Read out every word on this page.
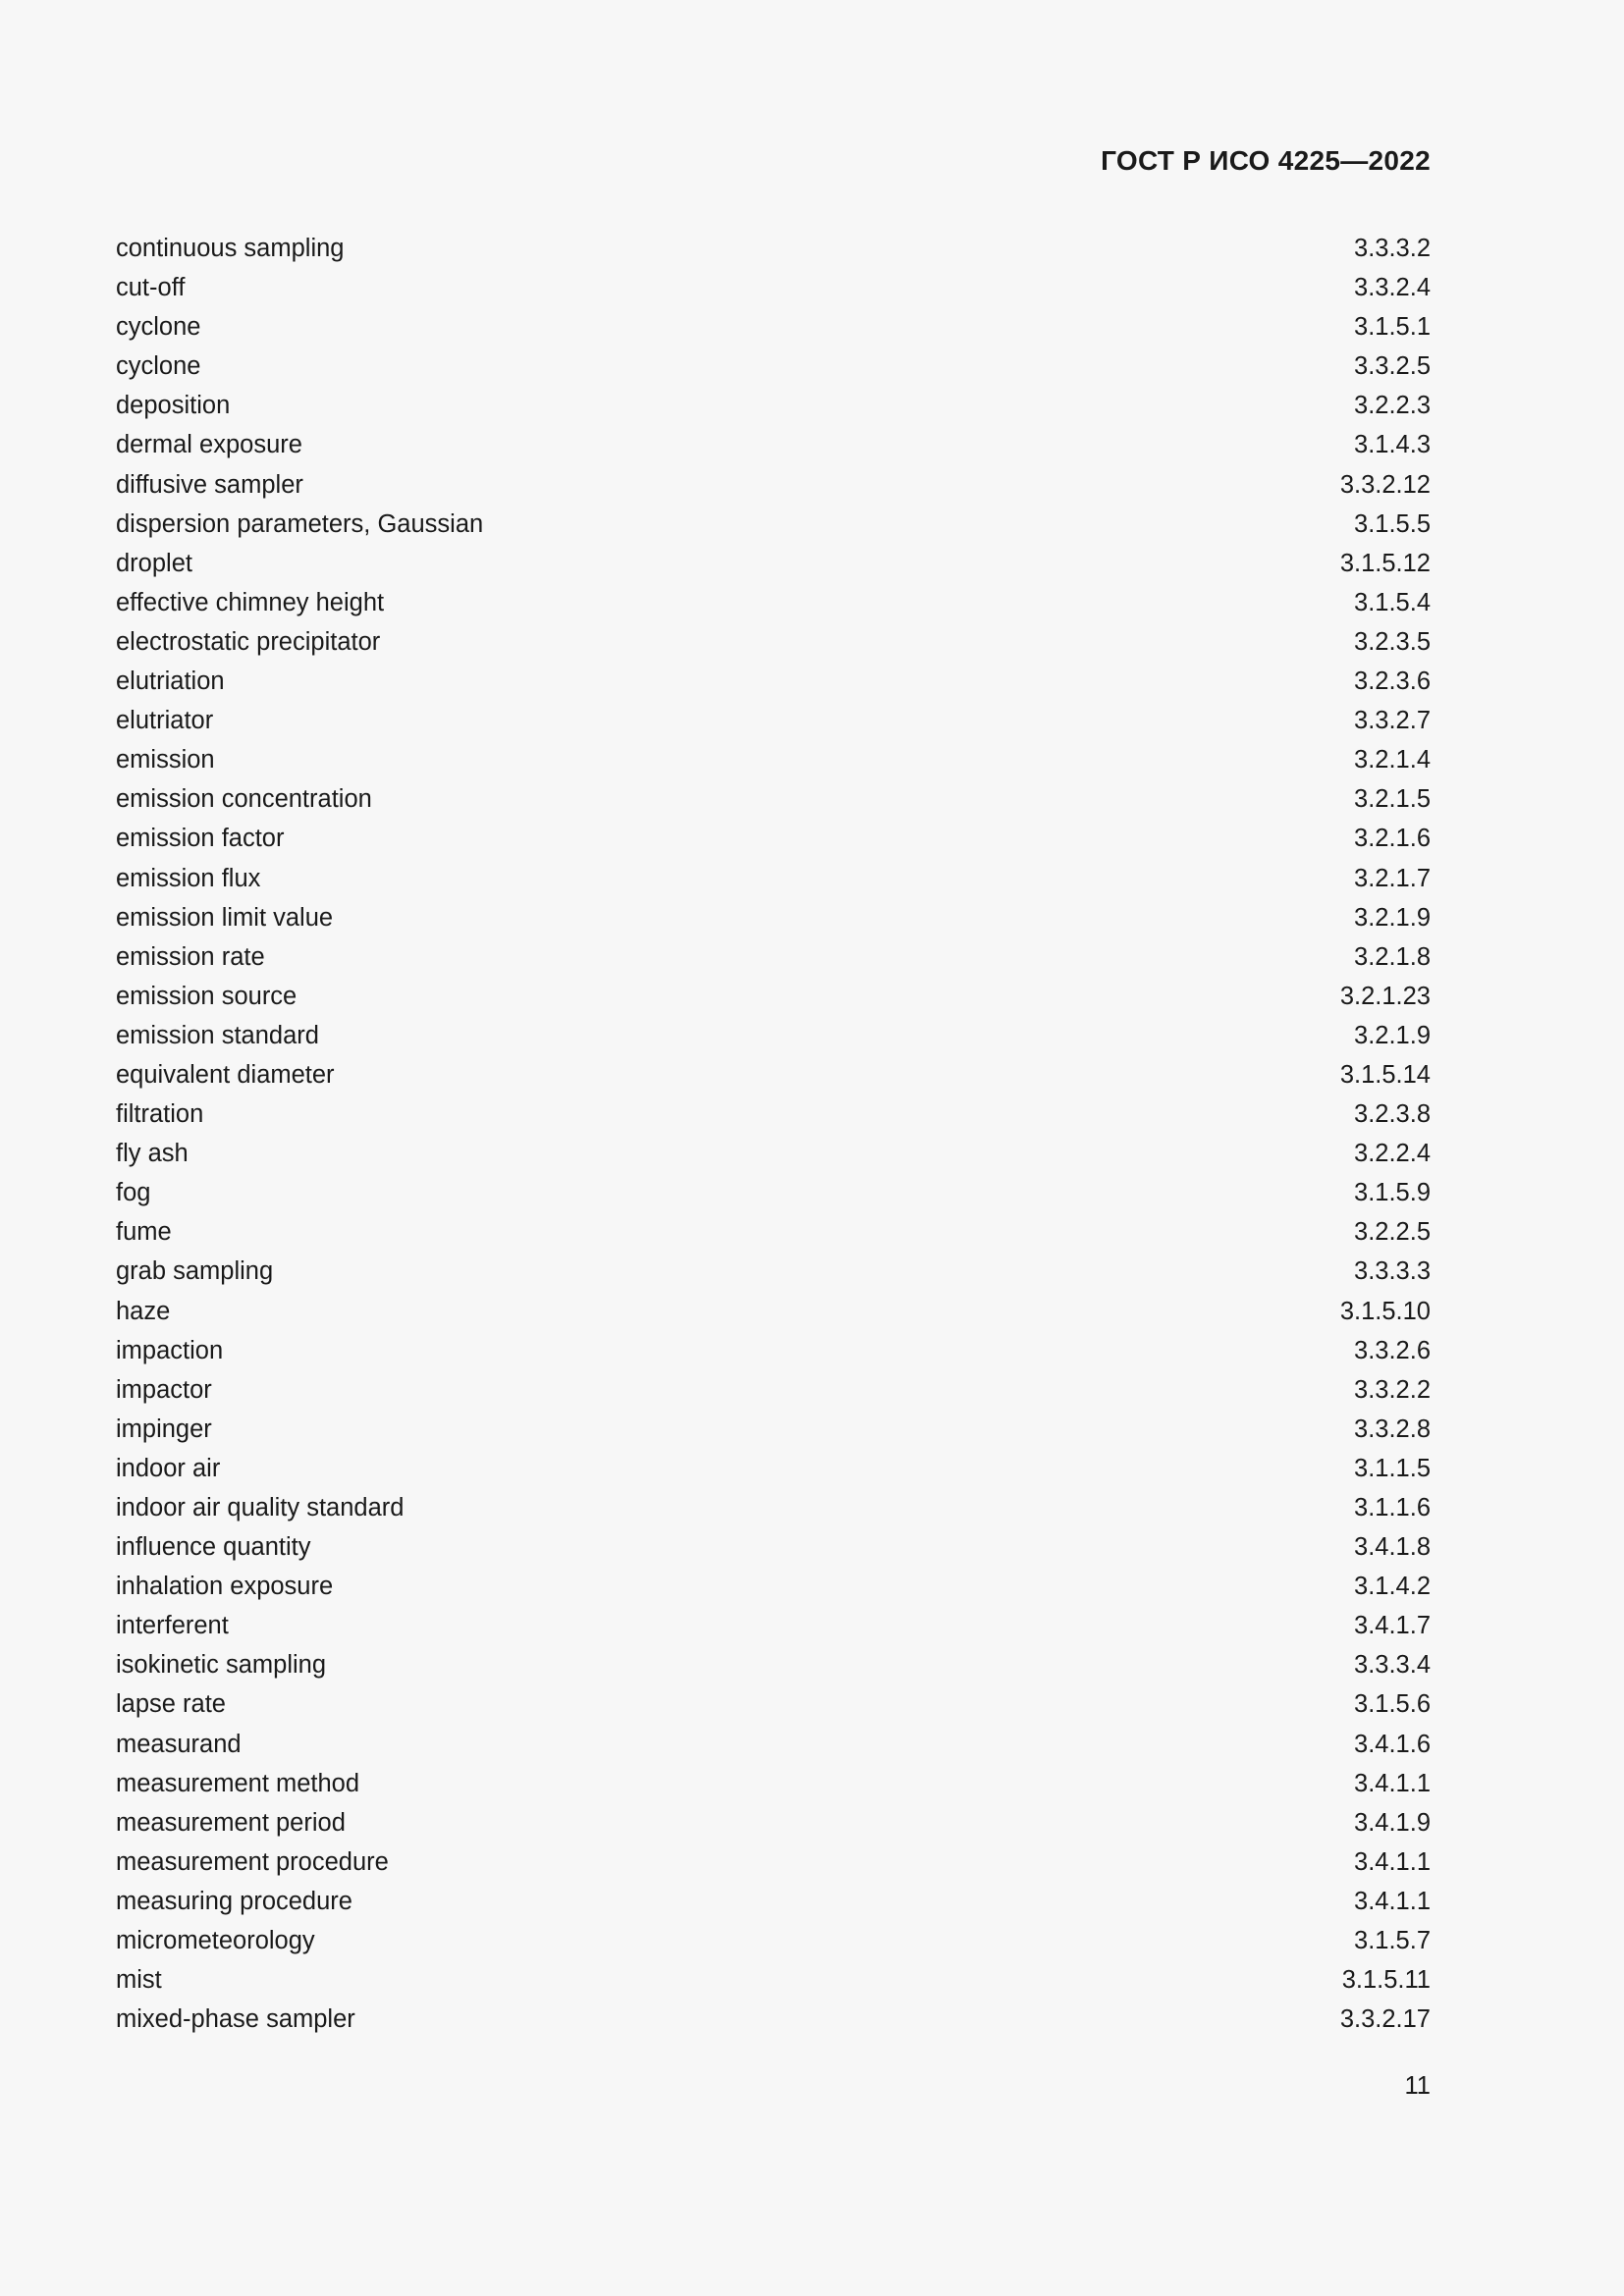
ГОСТ Р ИСО 4225—2022
continuous sampling	3.3.3.2
cut-off	3.3.2.4
cyclone	3.1.5.1
cyclone	3.3.2.5
deposition	3.2.2.3
dermal exposure	3.1.4.3
diffusive sampler	3.3.2.12
dispersion parameters, Gaussian	3.1.5.5
droplet	3.1.5.12
effective chimney height	3.1.5.4
electrostatic precipitator	3.2.3.5
elutriation	3.2.3.6
elutriator	3.3.2.7
emission	3.2.1.4
emission concentration	3.2.1.5
emission factor	3.2.1.6
emission flux	3.2.1.7
emission limit value	3.2.1.9
emission rate	3.2.1.8
emission source	3.2.1.23
emission standard	3.2.1.9
equivalent diameter	3.1.5.14
filtration	3.2.3.8
fly ash	3.2.2.4
fog	3.1.5.9
fume	3.2.2.5
grab sampling	3.3.3.3
haze	3.1.5.10
impaction	3.3.2.6
impactor	3.3.2.2
impinger	3.3.2.8
indoor air	3.1.1.5
indoor air quality standard	3.1.1.6
influence quantity	3.4.1.8
inhalation exposure	3.1.4.2
interferent	3.4.1.7
isokinetic sampling	3.3.3.4
lapse rate	3.1.5.6
measurand	3.4.1.6
measurement method	3.4.1.1
measurement period	3.4.1.9
measurement procedure	3.4.1.1
measuring procedure	3.4.1.1
micrometeorology	3.1.5.7
mist	3.1.5.11
mixed-phase sampler	3.3.2.17
11
